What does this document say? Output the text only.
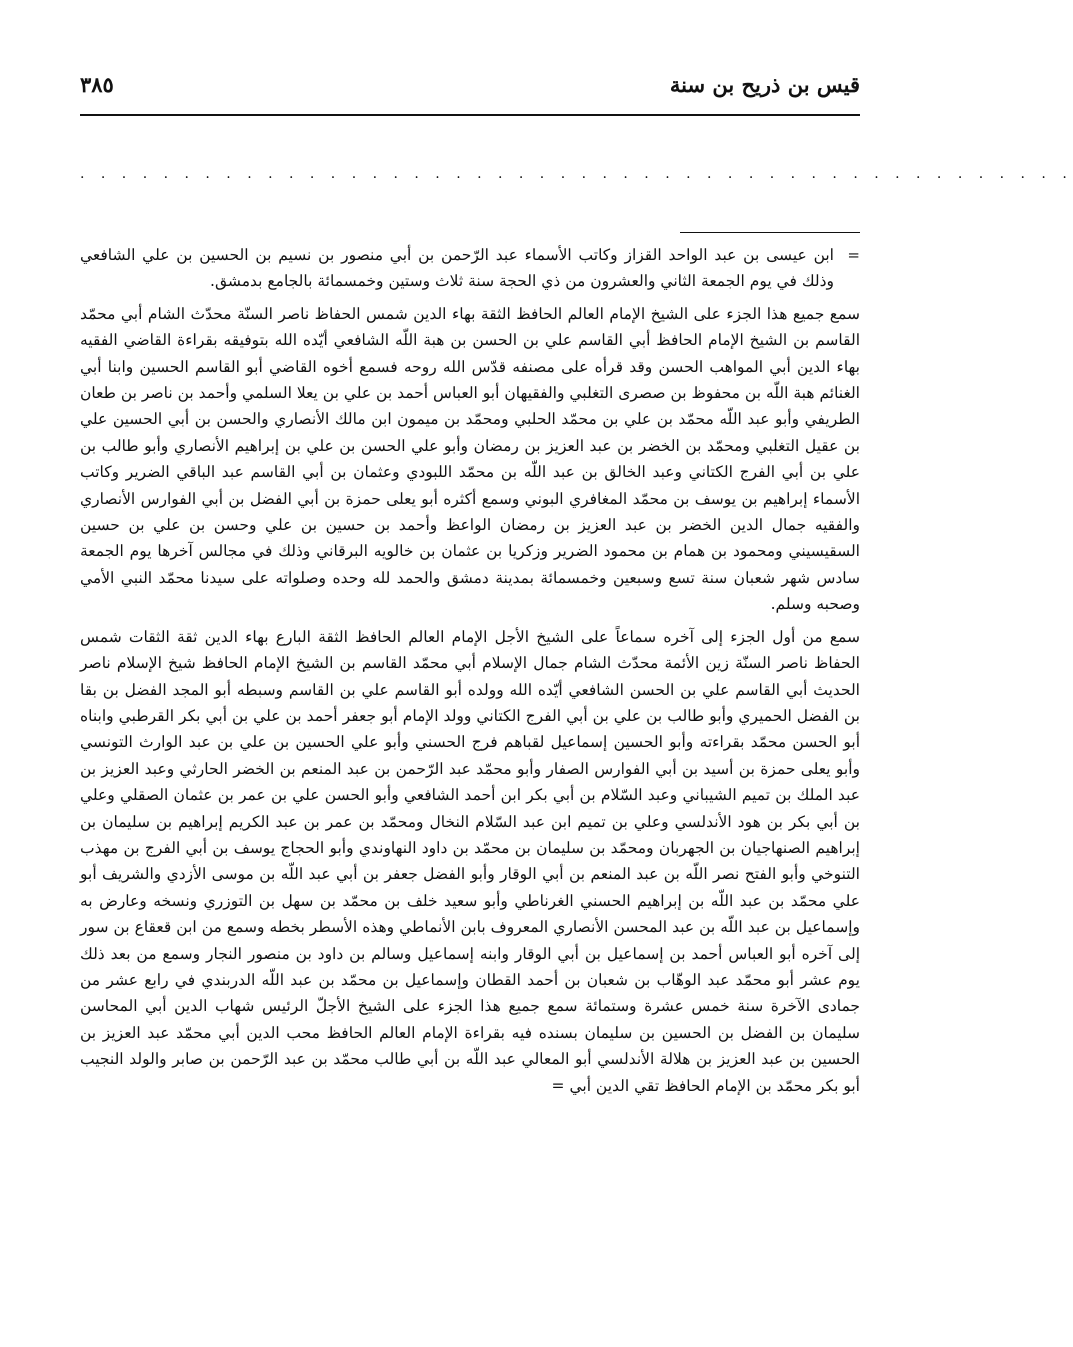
قيس بن ذريح بن سنة
٣٨٥
. . . . . . . . . . . . . . . . . . . . . . . . . . . . . . . . . . . . . . . . . . . . . . . .

=
ابن عيسى بن عبد الواحد القزاز وكاتب الأسماء عبد الرّحمن بن أبي منصور بن نسيم بن الحسين بن علي الشافعي وذلك في يوم الجمعة الثاني والعشرون من ذي الحجة سنة ثلاث وستين وخمسمائة بالجامع بدمشق.

سمع جميع هذا الجزء على الشيخ الإمام العالم الحافظ الثقة بهاء الدين شمس الحفاظ ناصر السنّة محدّث الشام أبي محمّد القاسم بن الشيخ الإمام الحافظ أبي القاسم علي بن الحسن بن هبة اللّه الشافعي أيّده الله بتوفيقه بقراءة القاضي الفقيه بهاء الدين أبي المواهب الحسن وقد قرأه على مصنفه قدّس الله روحه فسمع أخوه القاضي أبو القاسم الحسين وابنا أبي الغنائم هبة اللّه بن محفوظ بن صصرى التغلبي والفقيهان أبو العباس أحمد بن علي بن يعلا السلمي وأحمد بن ناصر بن طعان الطريفي وأبو عبد اللّه محمّد بن علي بن محمّد الحلبي ومحمّد بن ميمون ابن مالك الأنصاري والحسن بن أبي الحسين علي بن عقيل التغلبي ومحمّد بن الخضر بن عبد العزيز بن رمضان وأبو علي الحسن بن علي بن إبراهيم الأنصاري وأبو طالب بن علي بن أبي الفرج الكتاني وعبد الخالق بن عبد اللّه بن محمّد اللبودي وعثمان بن أبي القاسم عبد الباقي الضرير وكاتب الأسماء إبراهيم بن يوسف بن محمّد المغافري البوني وسمع أكثره أبو يعلى حمزة بن أبي الفضل بن أبي الفوارس الأنصاري والفقيه جمال الدين الخضر بن عبد العزيز بن رمضان الواعظ وأحمد بن حسين بن علي وحسن بن علي بن حسين السقيسيني ومحمود بن همام بن محمود الضرير وزكريا بن عثمان بن خالويه البرقاني وذلك في مجالس آخرها يوم الجمعة سادس شهر شعبان سنة تسع وسبعين وخمسمائة بمدينة دمشق والحمد لله وحده وصلواته على سيدنا محمّد النبي الأمي وصحبه وسلم.

سمع من أول الجزء إلى آخره سماعاً على الشيخ الأجل الإمام العالم الحافظ الثقة البارع بهاء الدين ثقة الثقات شمس الحفاظ ناصر السنّة زين الأئمة محدّث الشام جمال الإسلام أبي محمّد القاسم بن الشيخ الإمام الحافظ شيخ الإسلام ناصر الحديث أبي القاسم علي بن الحسن الشافعي أيّده الله وولده أبو القاسم علي بن القاسم وسبطه أبو المجد الفضل بن بقا بن الفضل الحميري وأبو طالب بن علي بن أبي الفرج الكتاني وولد الإمام أبو جعفر أحمد بن علي بن أبي بكر القرطبي وابناه أبو الحسن محمّد بقراءته وأبو الحسين إسماعيل لقباهم فرج الحسني وأبو علي الحسين بن علي بن عبد الوارث التونسي وأبو يعلى حمزة بن أسيد بن أبي الفوارس الصفار وأبو محمّد عبد الرّحمن بن عبد المنعم بن الخضر الحارثي وعبد العزيز بن عبد الملك بن تميم الشيباني وعبد السّلام بن أبي بكر ابن أحمد الشافعي وأبو الحسن علي بن عمر بن عثمان الصقلي وعلي بن أبي بكر بن هود الأندلسي وعلي بن تميم ابن عبد السّلام النخال ومحمّد بن عمر بن عبد الكريم إبراهيم بن سليمان بن إبراهيم الصنهاجيان بن الجهربان ومحمّد بن سليمان بن محمّد بن داود النهاوندي وأبو الحجاج يوسف بن أبي الفرج بن مهذب التنوخي وأبو الفتح نصر اللّه بن عبد المنعم بن أبي الوقار وأبو الفضل جعفر بن أبي عبد اللّه بن موسى الأزدي والشريف أبو علي محمّد بن عبد اللّه بن إبراهيم الحسني الغرناطي وأبو سعيد خلف بن محمّد بن سهل بن التوزري ونسخه وعارض به وإسماعيل بن عبد اللّه بن عبد المحسن الأنصاري المعروف بابن الأنماطي وهذه الأسطر بخطه وسمع من ابن قعقاع بن سور إلى آخره أبو العباس أحمد بن إسماعيل بن أبي الوقار وابنه إسماعيل وسالم بن داود بن منصور النجار وسمع من بعد ذلك يوم عشر أبو محمّد عبد الوهّاب بن شعبان بن أحمد القطان وإسماعيل بن محمّد بن عبد اللّه الدربندي في رابع عشر من جمادى الآخرة سنة خمس عشرة وستمائة سمع جميع هذا الجزء على الشيخ الأجلّ الرئيس شهاب الدين أبي المحاسن سليمان بن الفضل بن الحسين بن سليمان بسنده فيه بقراءة الإمام العالم الحافظ محب الدين أبي محمّد عبد العزيز بن الحسين بن عبد العزيز بن هلالة الأندلسي أبو المعالي عبد اللّه بن أبي طالب محمّد بن عبد الرّحمن بن صابر والولد النجيب أبو بكر محمّد بن الإمام الحافظ تقي الدين أبي =
